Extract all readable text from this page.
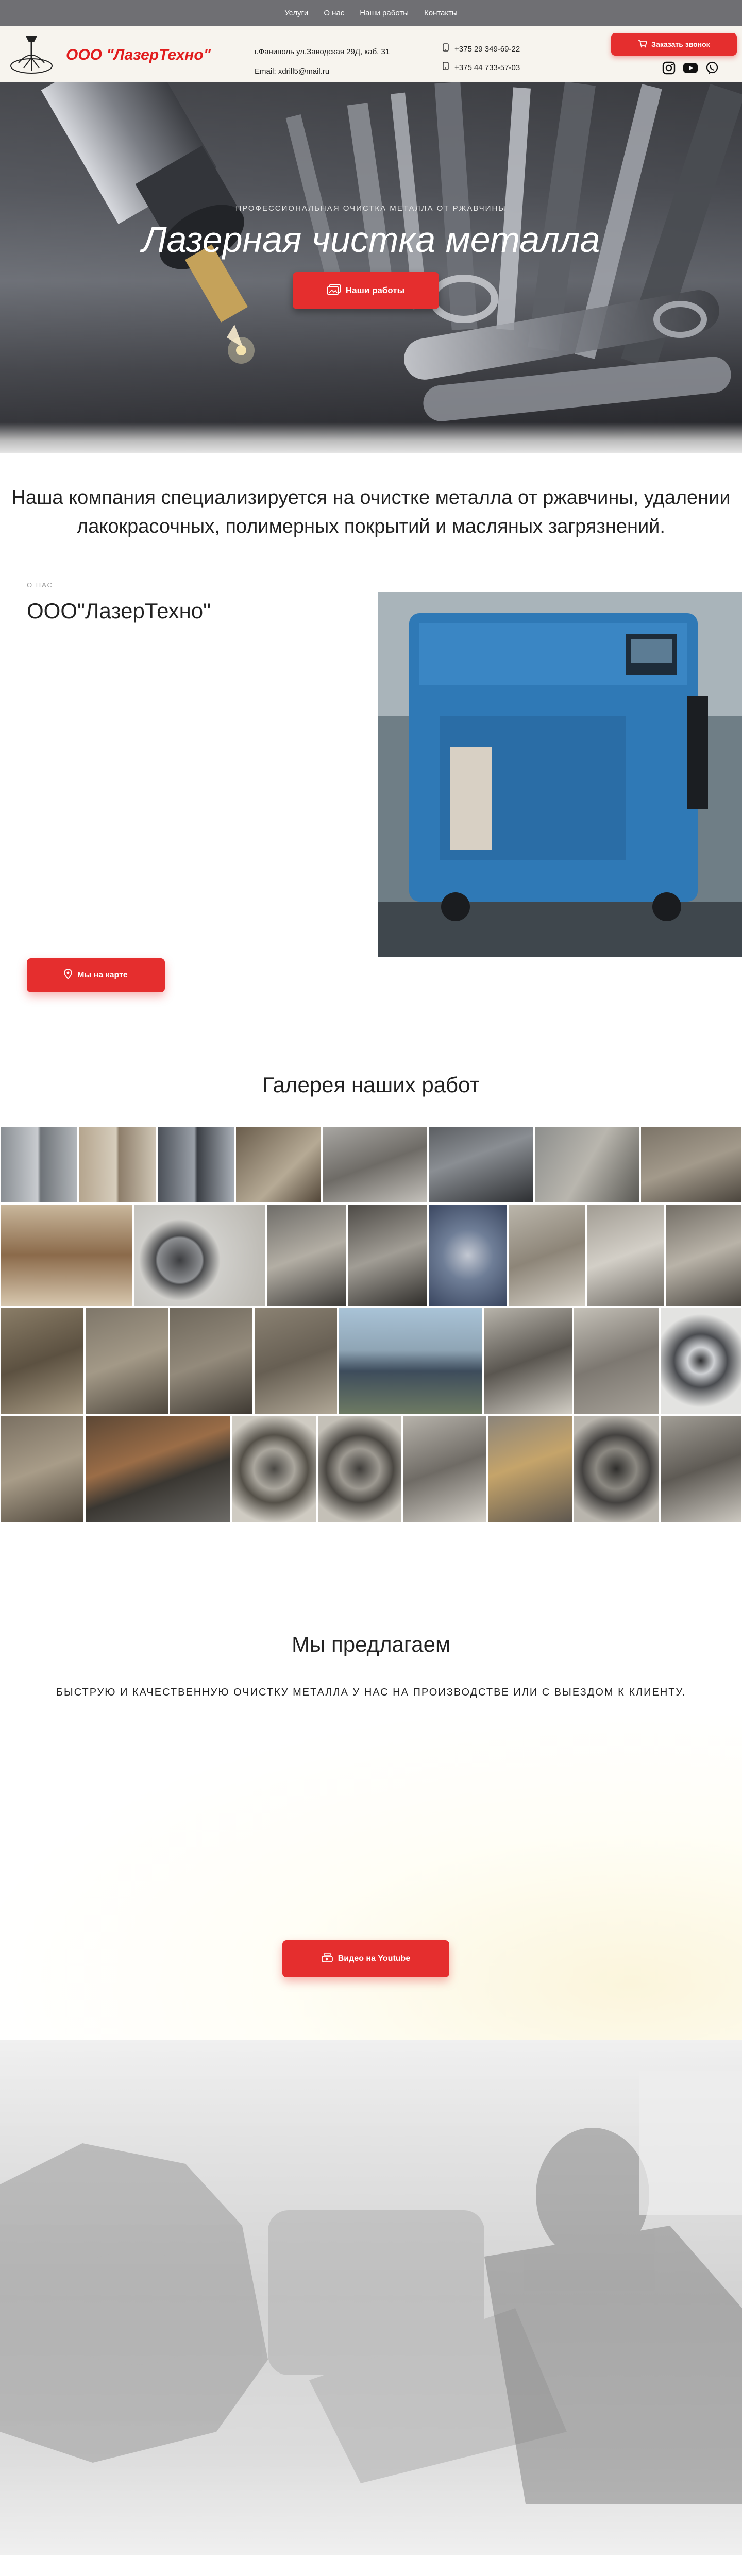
Услуги О нас Наши работы Контакты
ООО "ЛазерТехно"	г.Фаниполь ул.Заводская 29Д, каб. 31
Email: xdrill5@mail.ru
+375 29 349-69-22
+375 44 733-57-03
Заказать звонок
ПРОФЕССИОНАЛЬНАЯ ОЧИСТКА МЕТАЛЛА ОТ РЖАВЧИНЫ
Лазерная чистка металла
Наши работы

Наша компания специализируется на очистке металла от ржавчины, удалении лакокрасочных, полимерных покрытий и масляных загрязнений.

О НАС
ООО"ЛазерТехно"
Мы на карте
Галерея наших работ
Мы предлагаем
БЫСТРУЮ И КАЧЕСТВЕННУЮ ОЧИСТКУ МЕТАЛЛА У НАС НА ПРОИЗВОДСТВЕ ИЛИ С ВЫЕЗДОМ К КЛИЕНТУ.
Видео на Youtube
